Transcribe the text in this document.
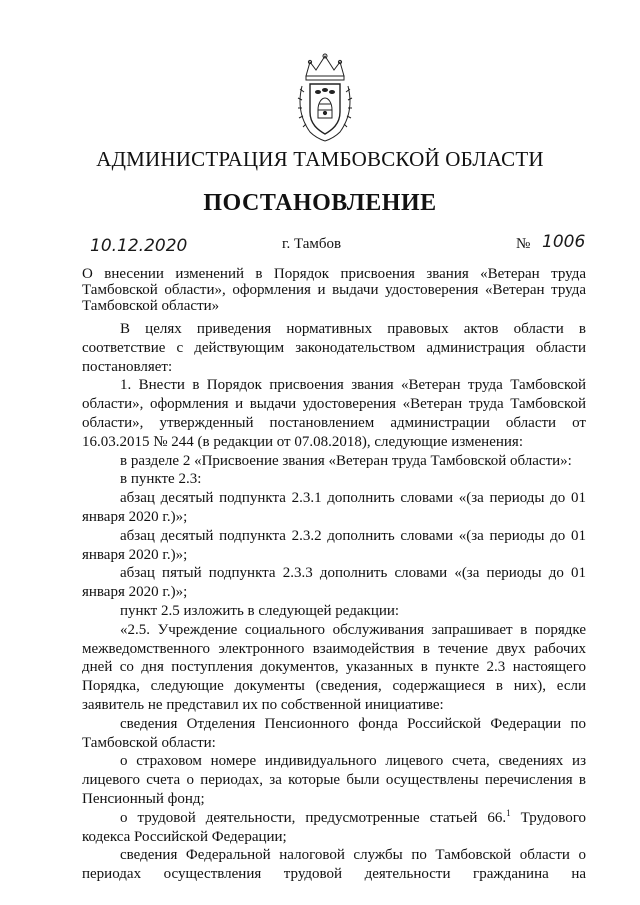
АДМИНИСТРАЦИЯ ТАМБОВСКОЙ ОБЛАСТИ
ПОСТАНОВЛЕНИЕ
10.12.2020	г. Тамбов	№ 1006
О внесении изменений в Порядок присвоения звания «Ветеран труда
Тамбовской области», оформления и выдачи удостоверения «Ветеран труда
Тамбовской области»

В целях приведения нормативных правовых актов области в соответствие с действующим законодательством администрация области постановляет:

1. Внести в Порядок присвоения звания «Ветеран труда Тамбовской области», оформления и выдачи удостоверения «Ветеран труда Тамбовской области», утвержденный постановлением администрации области от 16.03.2015 № 244 (в редакции от 07.08.2018), следующие изменения:

в разделе 2 «Присвоение звания «Ветеран труда Тамбовской области»:

в пункте 2.3:

абзац десятый подпункта 2.3.1 дополнить словами «(за периоды до 01 января 2020 г.)»;

абзац десятый подпункта 2.3.2 дополнить словами «(за периоды до 01 января 2020 г.)»;

абзац пятый подпункта 2.3.3 дополнить словами «(за периоды до 01 января 2020 г.)»;

пункт 2.5 изложить в следующей редакции:

«2.5. Учреждение социального обслуживания запрашивает в порядке межведомственного электронного взаимодействия в течение двух рабочих дней со дня поступления документов, указанных в пункте 2.3 настоящего Порядка, следующие документы (сведения, содержащиеся в них), если заявитель не представил их по собственной инициативе:

сведения Отделения Пенсионного фонда Российской Федерации по Тамбовской области:

о страховом номере индивидуального лицевого счета, сведениях из лицевого счета о периодах, за которые были осуществлены перечисления в Пенсионный фонд;

о трудовой деятельности, предусмотренные статьей 66.$^1$ Трудового кодекса Российской Федерации;

сведения Федеральной налоговой службы по Тамбовской области о периодах осуществления трудовой деятельности гражданина на
